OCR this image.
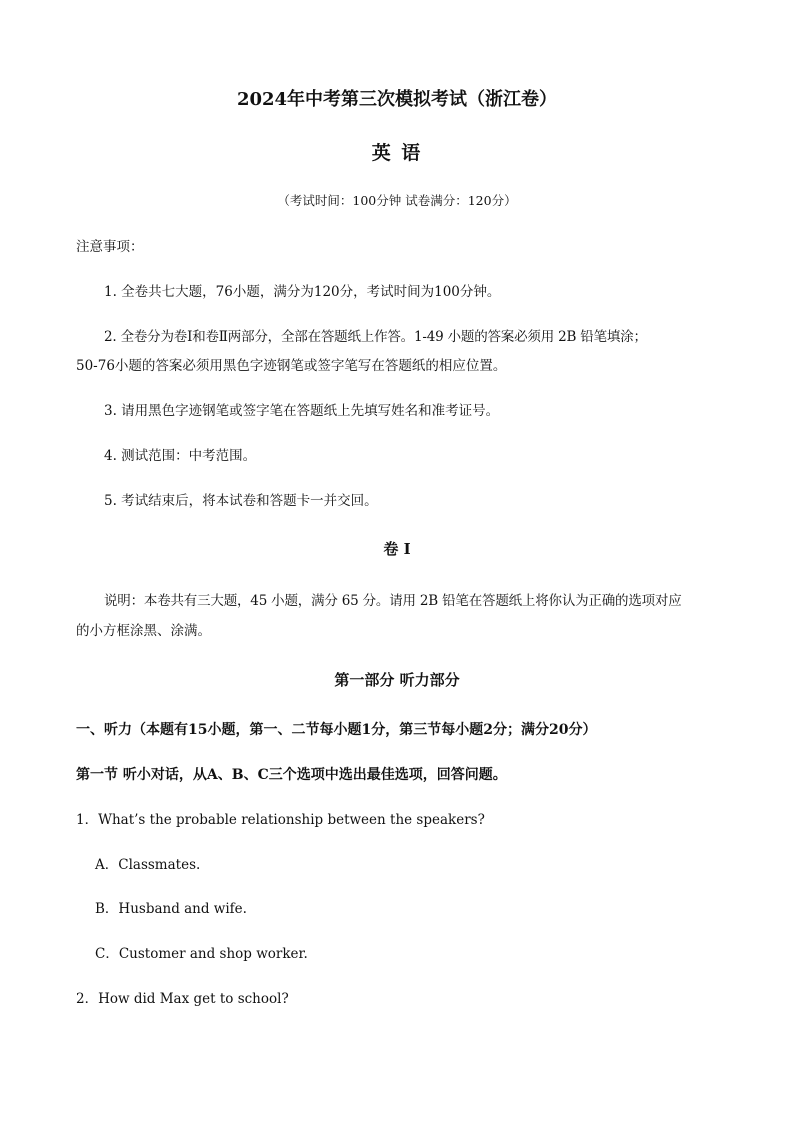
2024年中考第三次模拟考试（浙江卷）
英 语
（考试时间：100分钟 试卷满分：120分）
注意事项：
1. 全卷共七大题，76小题，满分为120分，考试时间为100分钟。
2. 全卷分为卷Ⅰ和卷Ⅱ两部分，全部在答题纸上作答。1-49 小题的答案必须用 2B 铅笔填涂；
50-76小题的答案必须用黑色字迹钢笔或签字笔写在答题纸的相应位置。
3. 请用黑色字迹钢笔或签字笔在答题纸上先填写姓名和准考证号。
4. 测试范围：中考范围。
5. 考试结束后，将本试卷和答题卡一并交回。
卷 I
说明：本卷共有三大题，45 小题，满分 65 分。请用 2B 铅笔在答题纸上将你认为正确的选项对应
的小方框涂黑、涂满。
第一部分 听力部分
一、听力（本题有15小题，第一、二节每小题1分，第三节每小题2分；满分20分）
第一节 听小对话，从A、B、C三个选项中选出最佳选项，回答问题。
1．What’s the probable relationship between the speakers?
A．Classmates.
B．Husband and wife.
C．Customer and shop worker.
2．How did Max get to school?
